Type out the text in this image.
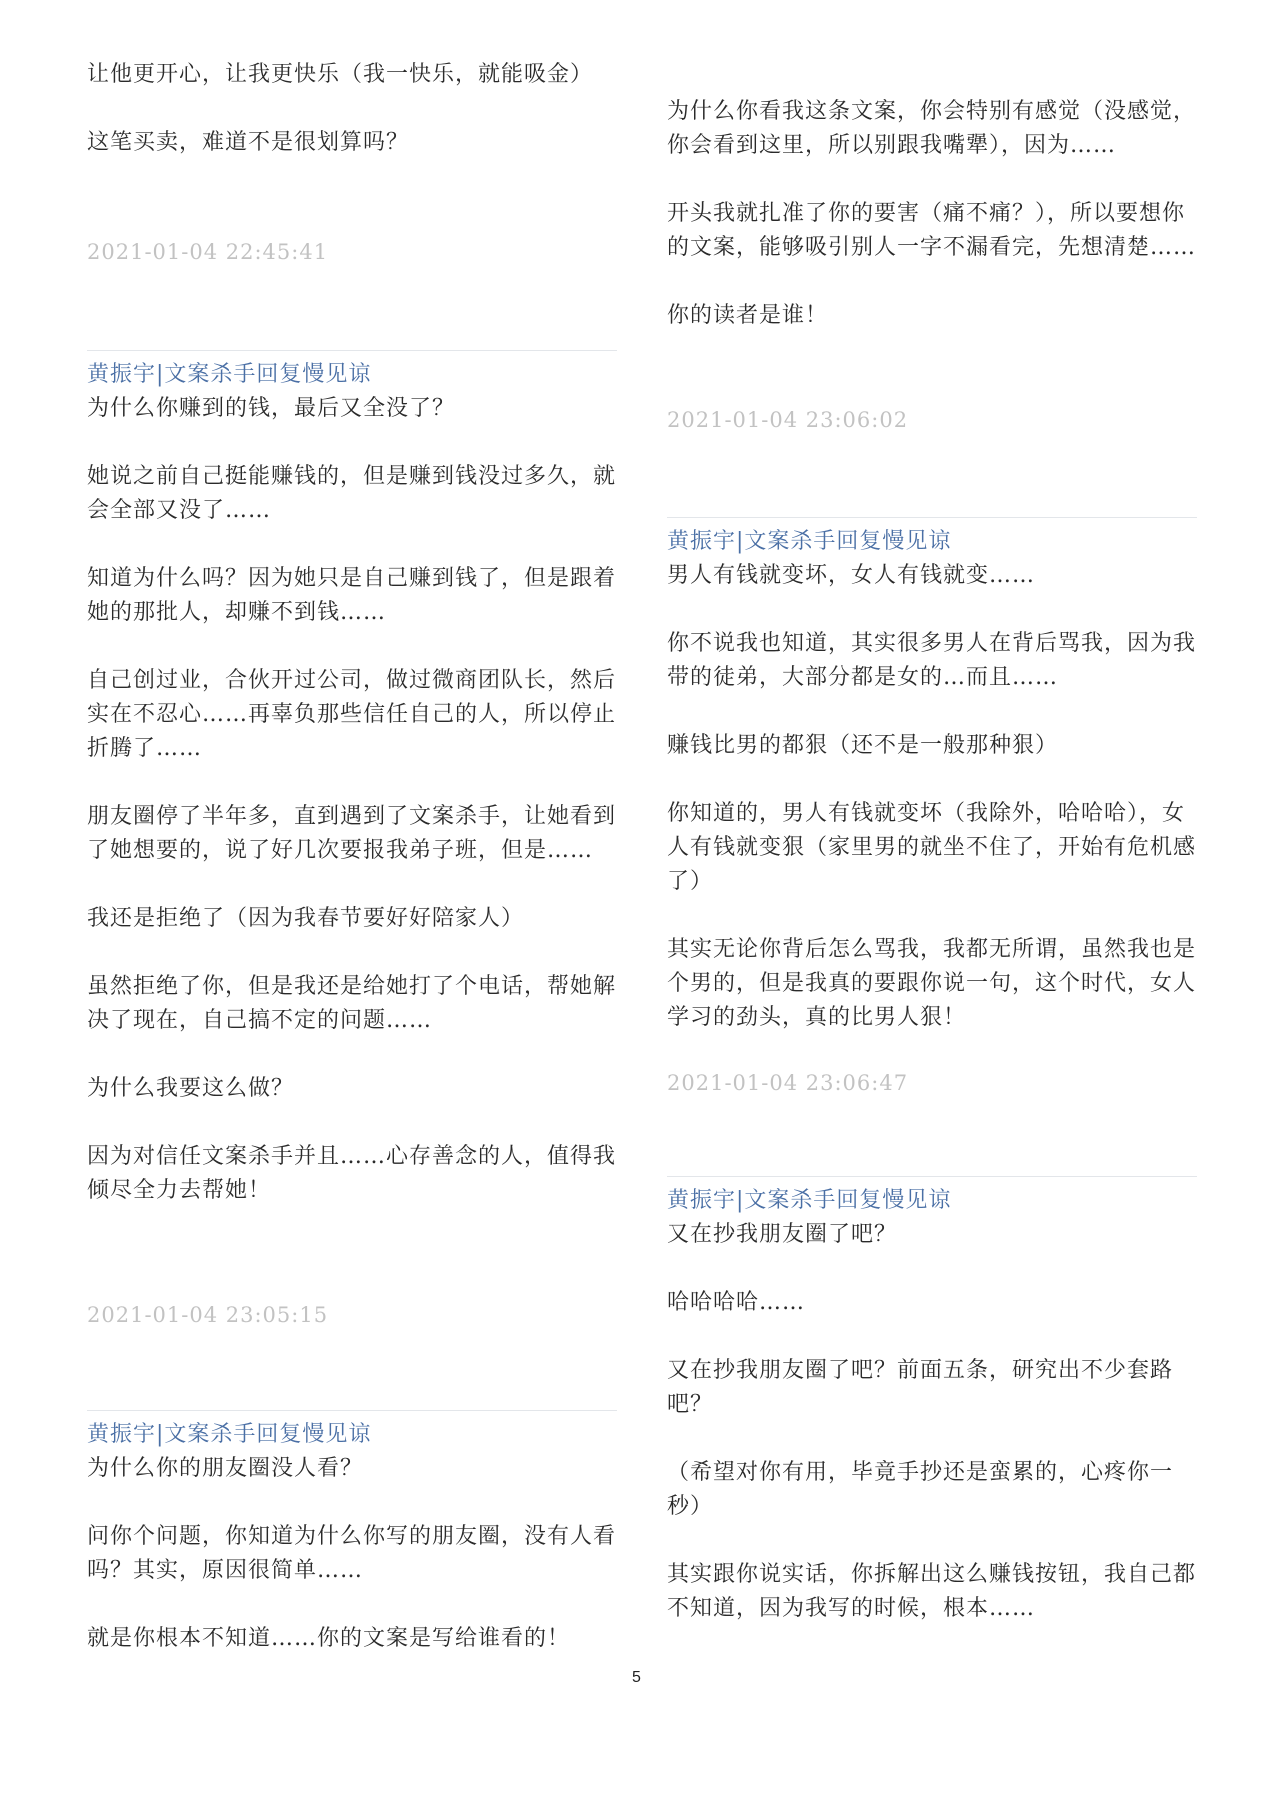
让他更开心，让我更快乐（我一快乐，就能吸金）

这笔买卖，难道不是很划算吗？

2021-01-04 22:45:41

黄振宇|文案杀手回复慢见谅

为什么你赚到的钱，最后又全没了？

她说之前自己挺能赚钱的，但是赚到钱没过多久，就会全部又没了……

知道为什么吗？因为她只是自己赚到钱了，但是跟着她的那批人，却赚不到钱……

自己创过业，合伙开过公司，做过微商团队长，然后实在不忍心……再辜负那些信任自己的人，所以停止折腾了……

朋友圈停了半年多，直到遇到了文案杀手，让她看到了她想要的，说了好几次要报我弟子班，但是……

我还是拒绝了（因为我春节要好好陪家人）

虽然拒绝了你，但是我还是给她打了个电话，帮她解决了现在，自己搞不定的问题……

为什么我要这么做？

因为对信任文案杀手并且……心存善念的人，值得我倾尽全力去帮她！

2021-01-04 23:05:15

黄振宇|文案杀手回复慢见谅

为什么你的朋友圈没人看？

问你个问题，你知道为什么你写的朋友圈，没有人看吗？其实，原因很简单……

就是你根本不知道……你的文案是写给谁看的！

为什么你看我这条文案，你会特别有感觉（没感觉，你会看到这里，所以别跟我嘴犟），因为……

开头我就扎准了你的要害（痛不痛？），所以要想你的文案，能够吸引别人一字不漏看完，先想清楚……

你的读者是谁！

2021-01-04 23:06:02

黄振宇|文案杀手回复慢见谅

男人有钱就变坏，女人有钱就变……

你不说我也知道，其实很多男人在背后骂我，因为我带的徒弟，大部分都是女的…而且……

赚钱比男的都狠（还不是一般那种狠）

你知道的，男人有钱就变坏（我除外，哈哈哈），女人有钱就变狠（家里男的就坐不住了，开始有危机感了）

其实无论你背后怎么骂我，我都无所谓，虽然我也是个男的，但是我真的要跟你说一句，这个时代，女人学习的劲头，真的比男人狠！

2021-01-04 23:06:47

黄振宇|文案杀手回复慢见谅

又在抄我朋友圈了吧？

哈哈哈哈……

又在抄我朋友圈了吧？前面五条，研究出不少套路吧？

（希望对你有用，毕竟手抄还是蛮累的，心疼你一秒）

其实跟你说实话，你拆解出这么赚钱按钮，我自己都不知道，因为我写的时候，根本……

5
